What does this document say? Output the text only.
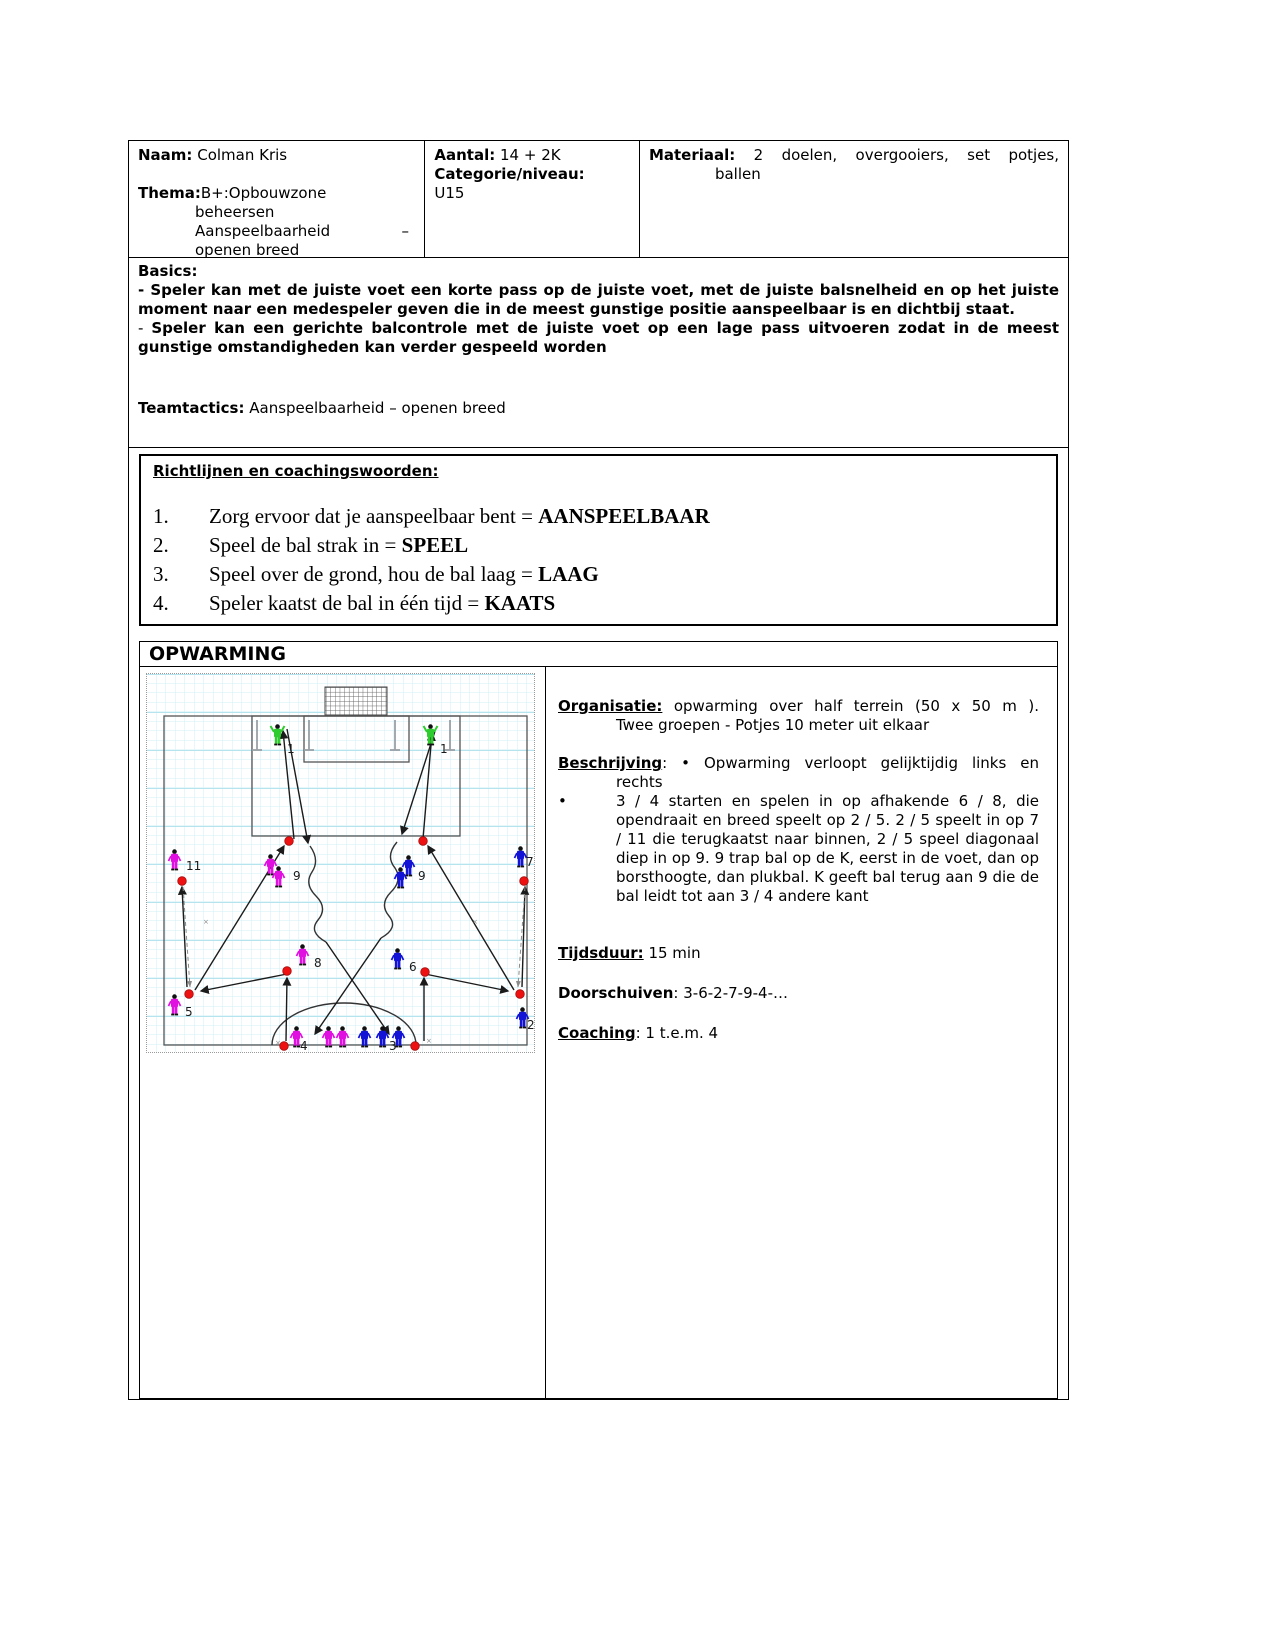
Naam: Colman Kris
Thema:B+:Opbouwzone
beheersen
Aanspeelbaarheid	–
openen breed
Aantal: 14 + 2K
Categorie/niveau:
U15
Materiaal: 2 doelen, overgooiers, set potjes,
ballen
Basics:
- Speler kan met de juiste voet een korte pass op de juiste voet, met de juiste balsnelheid en op het juiste moment naar een medespeler geven die in de meest gunstige positie aanspeelbaar is en dichtbij staat.
- Speler kan een gerichte balcontrole met de juiste voet op een lage pass uitvoeren zodat in de meest gunstige omstandigheden kan verder gespeeld worden
Teamtactics: Aanspeelbaarheid – openen breed
Richtlijnen en coachingswoorden:
1. Zorg ervoor dat je aanspeelbaar bent = AANSPEELBAAR
2. Speel de bal strak in = SPEEL
3. Speel over de grond, hou de bal laag = LAAG
4. Speler kaatst de bal in één tijd = KAATS
OPWARMING
×	×
×	×
1	1
11
9	9
7
8	6
5
2
4	3
Organisatie: opwarming over half terrein (50 x 50 m ).
Twee groepen - Potjes 10 meter uit elkaar
Beschrijving: • Opwarming verloopt gelijktijdig links en
rechts
•	3 / 4 starten en spelen in op afhakende 6 / 8, die opendraait en breed speelt op 2 / 5. 2 / 5 speelt in op 7 / 11 die terugkaatst naar binnen, 2 / 5 speel diagonaal diep in op 9. 9 trap bal op de K, eerst in de voet, dan op borsthoogte, dan plukbal. K geeft bal terug aan 9 die de bal leidt tot aan 3 / 4 andere kant
Tijdsduur: 15 min
Doorschuiven: 3-6-2-7-9-4-…
Coaching: 1 t.e.m. 4
